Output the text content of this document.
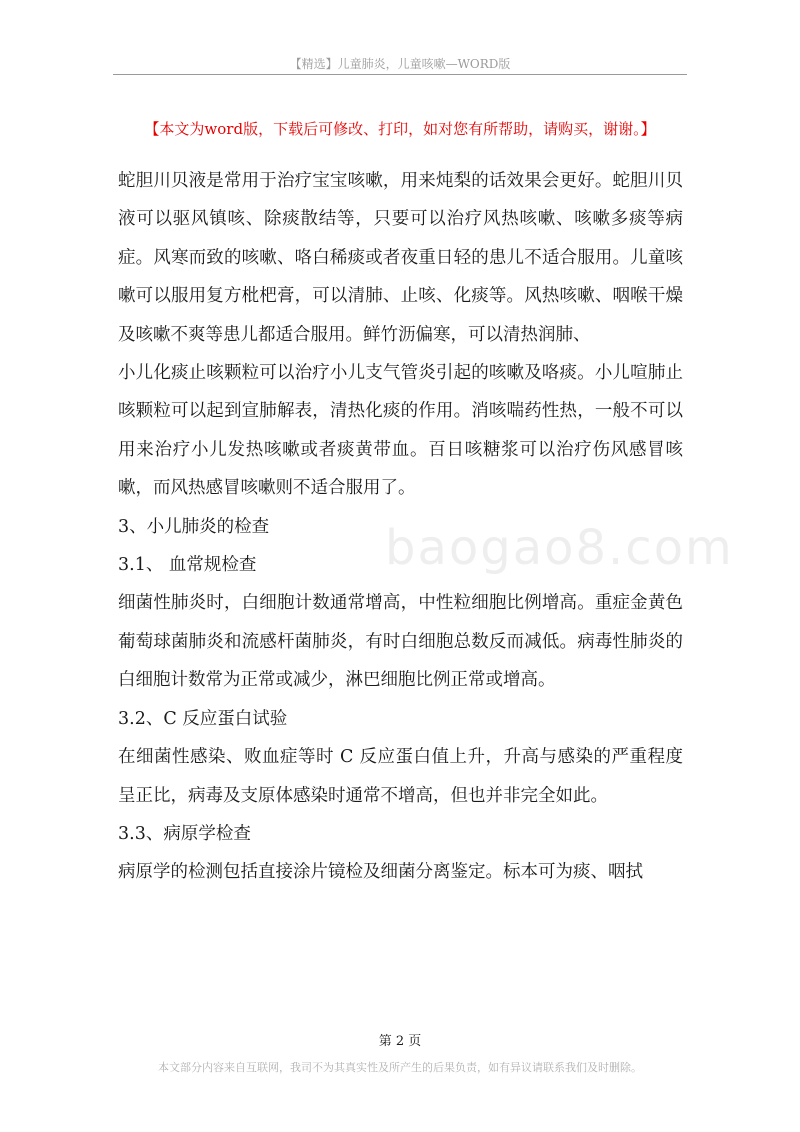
【精选】儿童肺炎，儿童咳嗽—WORD版
【本文为word版，下载后可修改、打印，如对您有所帮助，请购买，谢谢。】

蛇胆川贝液是常用于治疗宝宝咳嗽，用来炖梨的话效果会更好。蛇胆川贝液可以驱风镇咳、除痰散结等，只要可以治疗风热咳嗽、咳嗽多痰等病症。风寒而致的咳嗽、咯白稀痰或者夜重日轻的患儿不适合服用。儿童咳嗽可以服用复方枇杷膏，可以清肺、止咳、化痰等。风热咳嗽、咽喉干燥及咳嗽不爽等患儿都适合服用。鲜竹沥偏寒，可以清热润肺、

小儿化痰止咳颗粒可以治疗小儿支气管炎引起的咳嗽及咯痰。小儿喧肺止咳颗粒可以起到宣肺解表，清热化痰的作用。消咳喘药性热，一般不可以用来治疗小儿发热咳嗽或者痰黄带血。百日咳糖浆可以治疗伤风感冒咳嗽，而风热感冒咳嗽则不适合服用了。

3、小儿肺炎的检查
3.1、 血常规检查

细菌性肺炎时，白细胞计数通常增高，中性粒细胞比例增高。重症金黄色葡萄球菌肺炎和流感杆菌肺炎，有时白细胞总数反而减低。病毒性肺炎的白细胞计数常为正常或减少，淋巴细胞比例正常或增高。

3.2、C 反应蛋白试验

在细菌性感染、败血症等时 C 反应蛋白值上升，升高与感染的严重程度呈正比，病毒及支原体感染时通常不增高，但也并非完全如此。

3.3、病原学检查

病原学的检测包括直接涂片镜检及细菌分离鉴定。标本可为痰、咽拭

baogao8.com
第 2 页
本文部分内容来自互联网，我司不为其真实性及所产生的后果负责，如有异议请联系我们及时删除。
